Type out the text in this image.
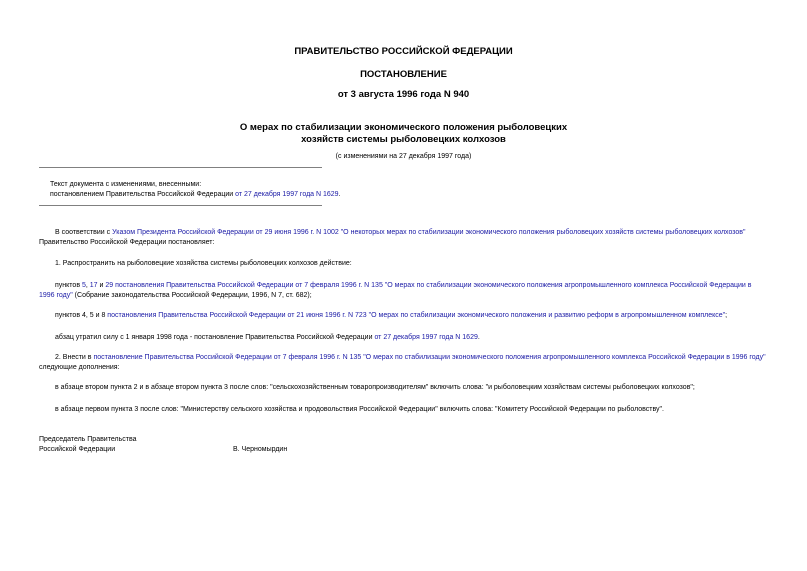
ПРАВИТЕЛЬСТВО РОССИЙСКОЙ ФЕДЕРАЦИИ
ПОСТАНОВЛЕНИЕ
от 3 августа 1996 года N 940
О мерах по стабилизации экономического положения рыболовецких
хозяйств системы рыболовецких колхозов
(с изменениями на 27 декабря 1997 года)
Текст документа с изменениями, внесенными:
постановлением Правительства Российской Федерации от 27 декабря 1997 года N 1629.
В соответствии с Указом Президента Российской Федерации от 29 июня 1996 г. N 1002 "О некоторых мерах по стабилизации экономического положения рыболовецких хозяйств системы рыболовецких колхозов" Правительство Российской Федерации постановляет:
1. Распространить на рыболовецкие хозяйства системы рыболовецких колхозов действие:
пунктов 5, 17 и 29 постановления Правительства Российской Федерации от 7 февраля 1996 г. N 135 "О мерах по стабилизации экономического положения агропромышленного комплекса Российской Федерации в 1996 году" (Собрание законодательства Российской Федерации, 1996, N 7, ст. 682);
пунктов 4, 5 и 8 постановления Правительства Российской Федерации от 21 июня 1996 г. N 723 "О мерах по стабилизации экономического положения и развитию реформ в агропромышленном комплексе";
абзац утратил силу с 1 января 1998 года - постановление Правительства Российской Федерации от 27 декабря 1997 года N 1629.
2. Внести в постановление Правительства Российской Федерации от 7 февраля 1996 г. N 135 "О мерах по стабилизации экономического положения агропромышленного комплекса Российской Федерации в 1996 году" следующие дополнения:
в абзаце втором пункта 2 и в абзаце втором пункта 3 после слов: "сельскохозяйственным товаропроизводителям" включить слова: "и рыболовецким хозяйствам системы рыболовецких колхозов";
в абзаце первом пункта 3 после слов: "Министерству сельского хозяйства и продовольствия Российской Федерации" включить слова: "Комитету Российской Федерации по рыболовству".
Председатель Правительства
Российской Федерации	В. Черномырдин
